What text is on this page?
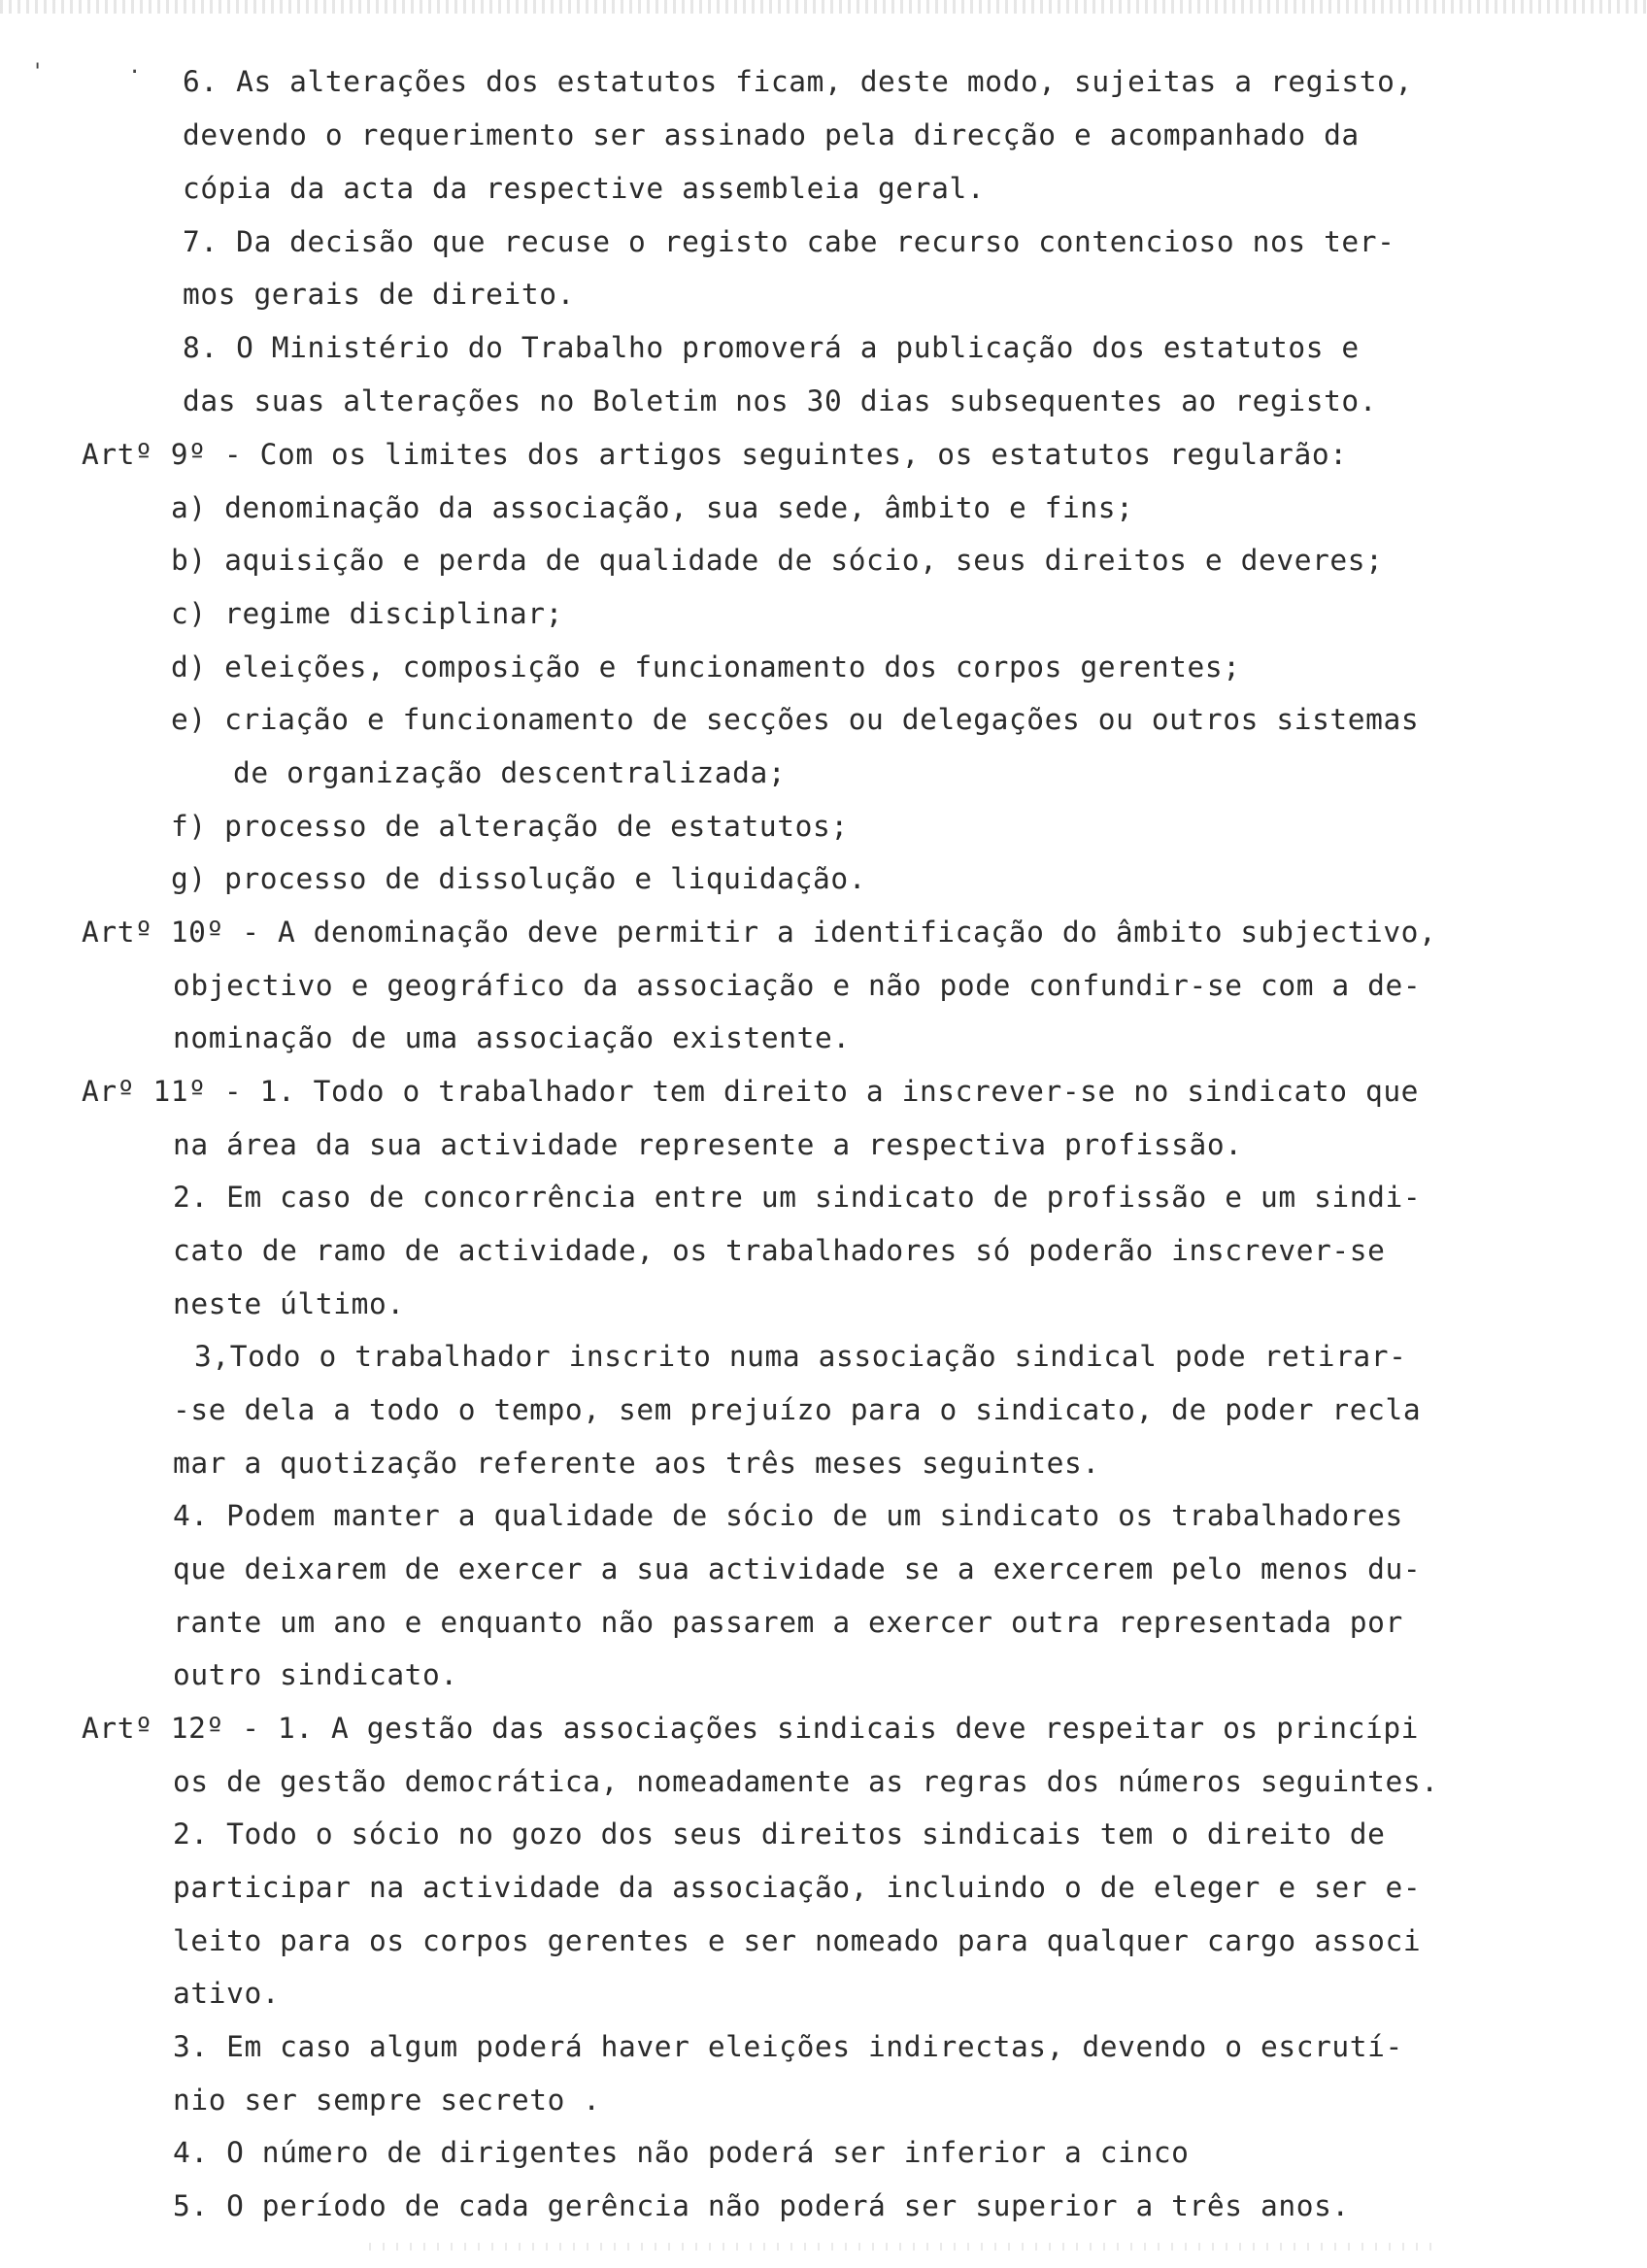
'	· 6. As alterações dos estatutos ficam, deste modo, sujeitas a registo,
devendo o requerimento ser assinado pela direcção e acompanhado da
cópia da acta da respective assembleia geral.
7. Da decisão que recuse o registo cabe recurso contencioso nos ter-
mos gerais de direito.
8. O Ministério do Trabalho promoverá a publicação dos estatutos e
das suas alterações no Boletim nos 30 dias subsequentes ao registo.
Artº 9º - Com os limites dos artigos seguintes, os estatutos regularão:
a) denominação da associação, sua sede, âmbito e fins;
b) aquisição e perda de qualidade de sócio, seus direitos e deveres;
c) regime disciplinar;
d) eleições, composição e funcionamento dos corpos gerentes;
e) criação e funcionamento de secções ou delegações ou outros sistemas
de organização descentralizada;
f) processo de alteração de estatutos;
g) processo de dissolução e liquidação.
Artº 10º - A denominação deve permitir a identificação do âmbito subjectivo,
objectivo e geográfico da associação e não pode confundir-se com a de-
nominação de uma associação existente.
Arº 11º - 1. Todo o trabalhador tem direito a inscrever-se no sindicato que
na área da sua actividade represente a respectiva profissão.
2. Em caso de concorrência entre um sindicato de profissão e um sindi-
cato de ramo de actividade, os trabalhadores só poderão inscrever-se
neste último.
3,Todo o trabalhador inscrito numa associação sindical pode retirar-
-se dela a todo o tempo, sem prejuízo para o sindicato, de poder recla
mar a quotização referente aos três meses seguintes.
4. Podem manter a qualidade de sócio de um sindicato os trabalhadores
que deixarem de exercer a sua actividade se a exercerem pelo menos du-
rante um ano e enquanto não passarem a exercer outra representada por
outro sindicato.
Artº 12º - 1. A gestão das associações sindicais deve respeitar os princípi
os de gestão democrática, nomeadamente as regras dos números seguintes.
2. Todo o sócio no gozo dos seus direitos sindicais tem o direito de
participar na actividade da associação, incluindo o de eleger e ser e-
leito para os corpos gerentes e ser nomeado para qualquer cargo associ
ativo.
3. Em caso algum poderá haver eleições indirectas, devendo o escrutí-
nio ser sempre secreto .
4. O número de dirigentes não poderá ser inferior a cinco
5. O período de cada gerência não poderá ser superior a três anos.
